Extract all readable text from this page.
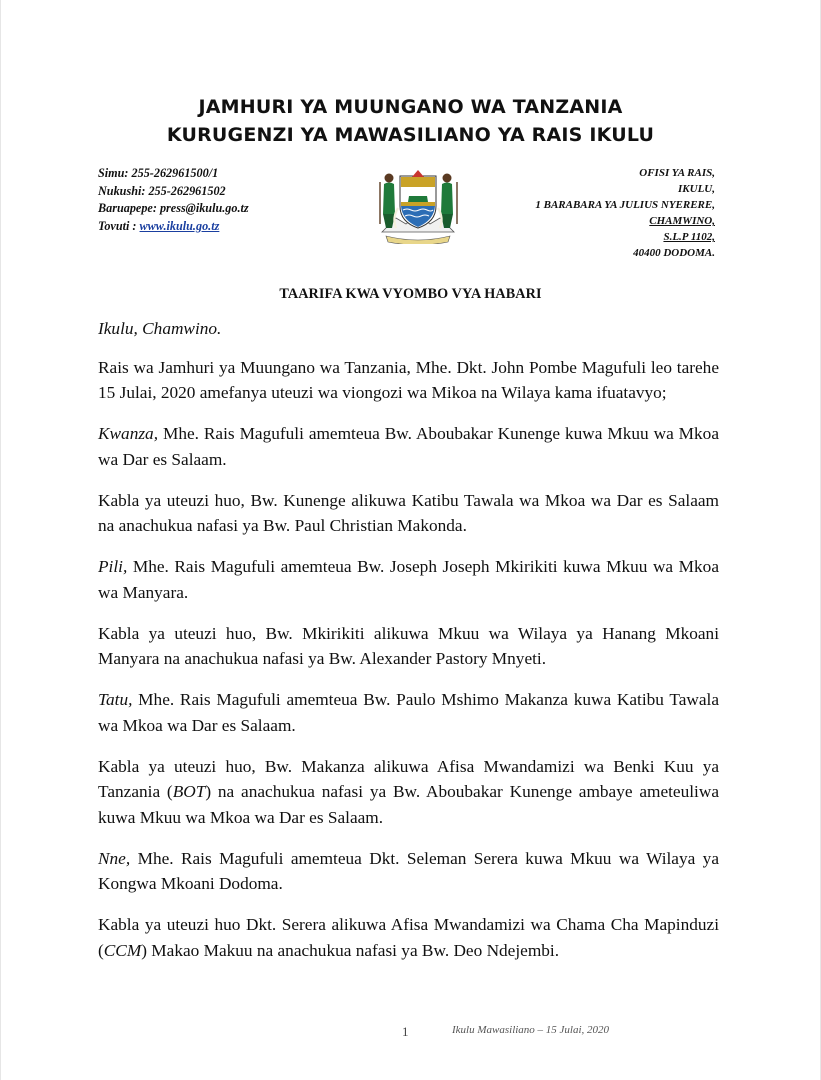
JAMHURI YA MUUNGANO WA TANZANIA
KURUGENZI YA MAWASILIANO YA RAIS IKULU
Simu: 255-262961500/1
Nukushi: 255-262961502
Baruapepe: press@ikulu.go.tz
Tovuti : www.ikulu.go.tz
OFISI YA RAIS,
IKULU,
1 BARABARA YA JULIUS NYERERE,
CHAMWINO,
S.L.P 1102,
40400 DODOMA.
TAARIFA KWA VYOMBO VYA HABARI

Ikulu, Chamwino.

Rais wa Jamhuri ya Muungano wa Tanzania, Mhe. Dkt. John Pombe Magufuli leo tarehe 15 Julai, 2020 amefanya uteuzi wa viongozi wa Mikoa na Wilaya kama ifuatavyo;

Kwanza, Mhe. Rais Magufuli amemteua Bw. Aboubakar Kunenge kuwa Mkuu wa Mkoa wa Dar es Salaam.

Kabla ya uteuzi huo, Bw. Kunenge alikuwa Katibu Tawala wa Mkoa wa Dar es Salaam na anachukua nafasi ya Bw. Paul Christian Makonda.

Pili, Mhe. Rais Magufuli amemteua Bw. Joseph Joseph Mkirikiti kuwa Mkuu wa Mkoa wa Manyara.

Kabla ya uteuzi huo, Bw. Mkirikiti alikuwa Mkuu wa Wilaya ya Hanang Mkoani Manyara na anachukua nafasi ya Bw. Alexander Pastory Mnyeti.

Tatu, Mhe. Rais Magufuli amemteua Bw. Paulo Mshimo Makanza kuwa Katibu Tawala wa Mkoa wa Dar es Salaam.

Kabla ya uteuzi huo, Bw. Makanza alikuwa Afisa Mwandamizi wa Benki Kuu ya Tanzania (BOT) na anachukua nafasi ya Bw. Aboubakar Kunenge ambaye ameteuliwa kuwa Mkuu wa Mkoa wa Dar es Salaam.

Nne, Mhe. Rais Magufuli amemteua Dkt. Seleman Serera kuwa Mkuu wa Wilaya ya Kongwa Mkoani Dodoma.

Kabla ya uteuzi huo Dkt. Serera alikuwa Afisa Mwandamizi wa Chama Cha Mapinduzi (CCM) Makao Makuu na anachukua nafasi ya Bw. Deo Ndejembi.

1	Ikulu Mawasiliano – 15 Julai, 2020
